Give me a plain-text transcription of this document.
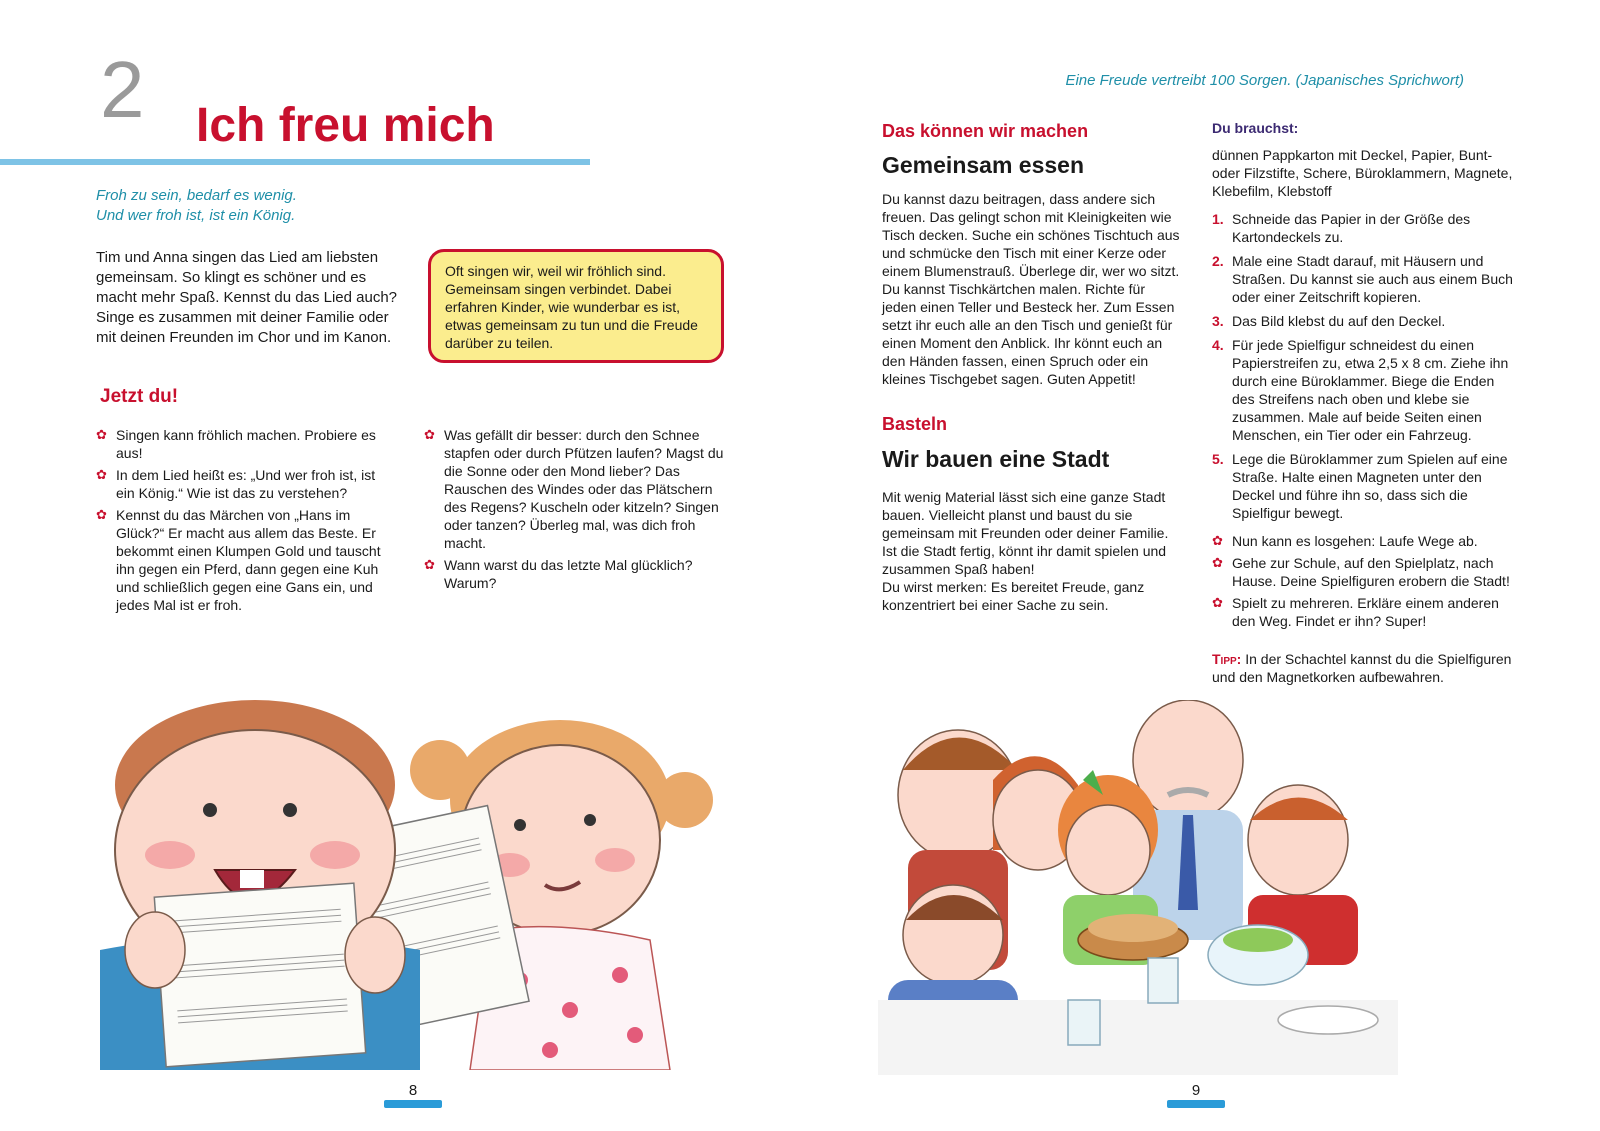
2 Ich freu mich
Froh zu sein, bedarf es wenig.
Und wer froh ist, ist ein König.
Tim und Anna singen das Lied am liebsten gemeinsam. So klingt es schöner und es macht mehr Spaß. Kennst du das Lied auch? Singe es zusammen mit deiner Familie oder mit deinen Freunden im Chor und im Kanon.
Oft singen wir, weil wir fröhlich sind. Gemeinsam singen verbindet. Dabei erfahren Kinder, wie wunderbar es ist, etwas gemeinsam zu tun und die Freude darüber zu teilen.
Jetzt du!
✿ Singen kann fröhlich machen. Probiere es aus!
✿ In dem Lied heißt es: „Und wer froh ist, ist ein König.“ Wie ist das zu verstehen?
✿ Kennst du das Märchen von „Hans im Glück?“ Er macht aus allem das Beste. Er bekommt einen Klumpen Gold und tauscht ihn gegen ein Pferd, dann gegen eine Kuh und schließlich gegen eine Gans ein, und jedes Mal ist er froh.
✿ Was gefällt dir besser: durch den Schnee stapfen oder durch Pfützen laufen? Magst du die Sonne oder den Mond lieber? Das Rauschen des Windes oder das Plätschern des Regens? Kuscheln oder kitzeln? Singen oder tanzen? Überleg mal, was dich froh macht.
✿ Wann warst du das letzte Mal glücklich? Warum?
8
Eine Freude vertreibt 100 Sorgen. (Japanisches Sprichwort)
Das können wir machen
Gemeinsam essen
Du kannst dazu beitragen, dass andere sich freuen. Das gelingt schon mit Kleinigkeiten wie Tisch decken. Suche ein schönes Tischtuch aus und schmücke den Tisch mit einer Kerze oder einem Blumenstrauß. Überlege dir, wer wo sitzt. Du kannst Tischkärtchen malen. Richte für jeden einen Teller und Besteck her. Zum Essen setzt ihr euch alle an den Tisch und genießt für einen Moment den Anblick. Ihr könnt euch an den Händen fassen, einen Spruch oder ein kleines Tischgebet sagen. Guten Appetit!
Basteln
Wir bauen eine Stadt
Mit wenig Material lässt sich eine ganze Stadt bauen. Vielleicht planst und baust du sie gemeinsam mit Freunden oder deiner Familie. Ist die Stadt fertig, könnt ihr damit spielen und zusammen Spaß haben!
Du wirst merken: Es bereitet Freude, ganz konzentriert bei einer Sache zu sein.
Du brauchst:
dünnen Pappkarton mit Deckel, Papier, Bunt- oder Filzstifte, Schere, Büroklammern, Magnete, Klebefilm, Klebstoff
1. Schneide das Papier in der Größe des Kartondeckels zu.
2. Male eine Stadt darauf, mit Häusern und Straßen. Du kannst sie auch aus einem Buch oder einer Zeitschrift kopieren.
3. Das Bild klebst du auf den Deckel.
4. Für jede Spielfigur schneidest du einen Papierstreifen zu, etwa 2,5 x 8 cm. Ziehe ihn durch eine Büroklammer. Biege die Enden des Streifens nach oben und klebe sie zusammen. Male auf beide Seiten einen Menschen, ein Tier oder ein Fahrzeug.
5. Lege die Büroklammer zum Spielen auf eine Straße. Halte einen Magneten unter den Deckel und führe ihn so, dass sich die Spielfigur bewegt.
✿ Nun kann es losgehen: Laufe Wege ab.
✿ Gehe zur Schule, auf den Spielplatz, nach Hause. Deine Spielfiguren erobern die Stadt!
✿ Spielt zu mehreren. Erkläre einem anderen den Weg. Findet er ihn? Super!
Tipp: In der Schachtel kannst du die Spielfiguren und den Magnetkorken aufbewahren.
9
